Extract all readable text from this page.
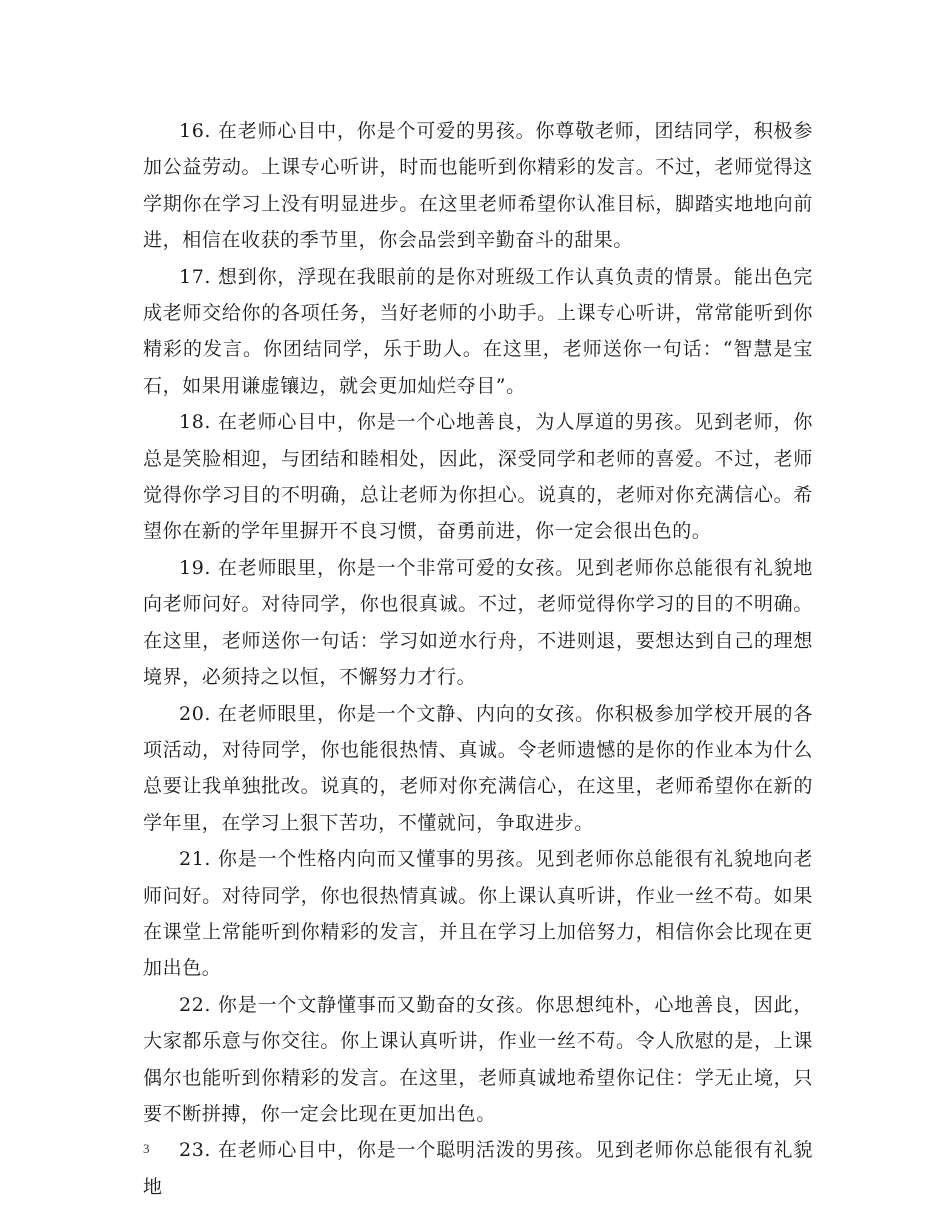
16. 在老师心目中，你是个可爱的男孩。你尊敬老师，团结同学，积极参加公益劳动。上课专心听讲，时而也能听到你精彩的发言。不过，老师觉得这学期你在学习上没有明显进步。在这里老师希望你认准目标，脚踏实地地向前进，相信在收获的季节里，你会品尝到辛勤奋斗的甜果。

17. 想到你，浮现在我眼前的是你对班级工作认真负责的情景。能出色完成老师交给你的各项任务，当好老师的小助手。上课专心听讲，常常能听到你精彩的发言。你团结同学，乐于助人。在这里，老师送你一句话：“智慧是宝石，如果用谦虚镶边，就会更加灿烂夺目”。

18. 在老师心目中，你是一个心地善良，为人厚道的男孩。见到老师，你总是笑脸相迎，与团结和睦相处，因此，深受同学和老师的喜爱。不过，老师觉得你学习目的不明确，总让老师为你担心。说真的，老师对你充满信心。希望你在新的学年里摒开不良习惯，奋勇前进，你一定会很出色的。

19. 在老师眼里，你是一个非常可爱的女孩。见到老师你总能很有礼貌地向老师问好。对待同学，你也很真诚。不过，老师觉得你学习的目的不明确。在这里，老师送你一句话：学习如逆水行舟，不进则退，要想达到自己的理想境界，必须持之以恒，不懈努力才行。

20. 在老师眼里，你是一个文静、内向的女孩。你积极参加学校开展的各项活动，对待同学，你也能很热情、真诚。令老师遗憾的是你的作业本为什么总要让我单独批改。说真的，老师对你充满信心，在这里，老师希望你在新的学年里，在学习上狠下苦功，不懂就问，争取进步。

21. 你是一个性格内向而又懂事的男孩。见到老师你总能很有礼貌地向老师问好。对待同学，你也很热情真诚。你上课认真听讲，作业一丝不苟。如果在课堂上常能听到你精彩的发言，并且在学习上加倍努力，相信你会比现在更加出色。

22. 你是一个文静懂事而又勤奋的女孩。你思想纯朴，心地善良，因此，大家都乐意与你交往。你上课认真听讲，作业一丝不苟。令人欣慰的是，上课偶尔也能听到你精彩的发言。在这里，老师真诚地希望你记住：学无止境，只要不断拼搏，你一定会比现在更加出色。

23. 在老师心目中，你是一个聪明活泼的男孩。见到老师你总能很有礼貌地

3
